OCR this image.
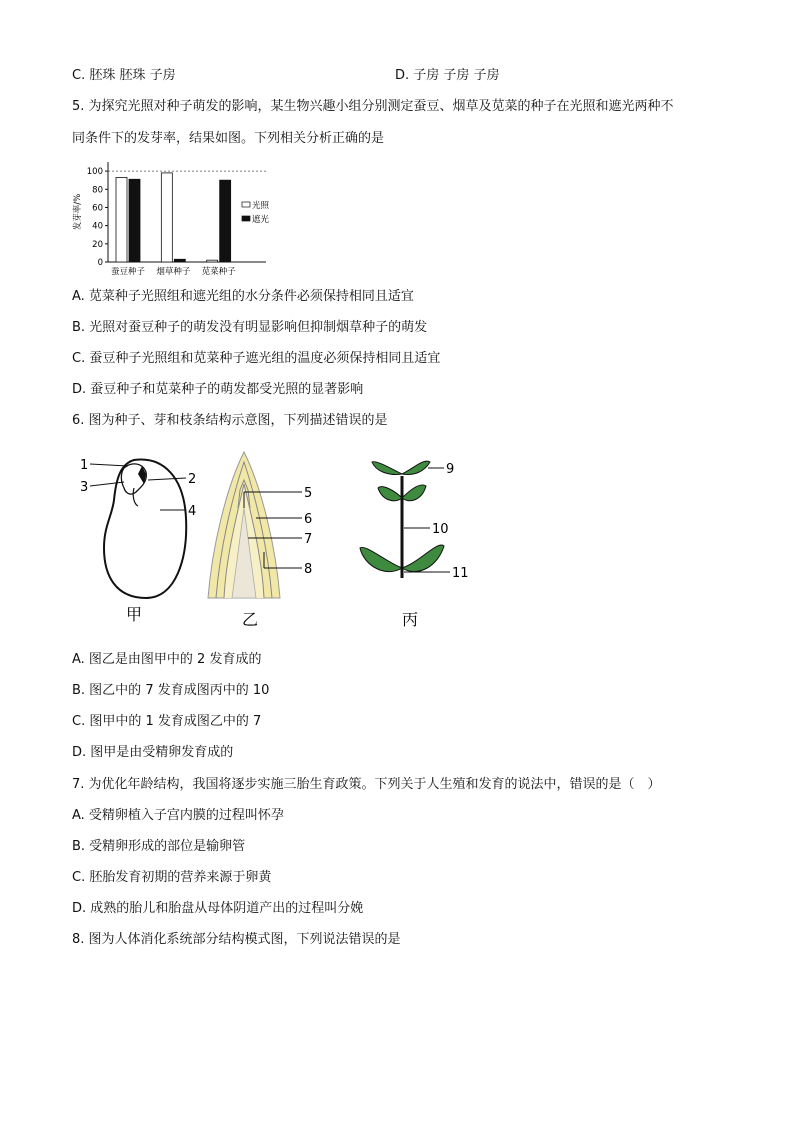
C. 胚珠 胚珠 子房	D. 子房 子房 子房
5. 为探究光照对种子萌发的影响，某生物兴趣小组分别测定蚕豆、烟草及苋菜的种子在光照和遮光两种不
同条件下的发芽率，结果如图。下列相关分析正确的是
0
20
40
60
80
100
发芽率/%
蚕豆种子 烟草种子 苋菜种子
光照
遮光
A. 苋菜种子光照组和遮光组的水分条件必须保持相同且适宜
B. 光照对蚕豆种子的萌发没有明显影响但抑制烟草种子的萌发
C. 蚕豆种子光照组和苋菜种子遮光组的温度必须保持相同且适宜
D. 蚕豆种子和苋菜种子的萌发都受光照的显著影响
6. 图为种子、芽和枝条结构示意图，下列描述错误的是
1
2
3
4
甲
5
6
7
8
乙
9
10
11
丙
A. 图乙是由图甲中的 2 发育成的
B. 图乙中的 7 发育成图丙中的 10
C. 图甲中的 1 发育成图乙中的 7
D. 图甲是由受精卵发育成的
7. 为优化年龄结构，我国将逐步实施三胎生育政策。下列关于人生殖和发育的说法中，错误的是（　）
A. 受精卵植入子宫内膜的过程叫怀孕
B. 受精卵形成的部位是输卵管
C. 胚胎发育初期的营养来源于卵黄
D. 成熟的胎儿和胎盘从母体阴道产出的过程叫分娩
8. 图为人体消化系统部分结构模式图，下列说法错误的是
